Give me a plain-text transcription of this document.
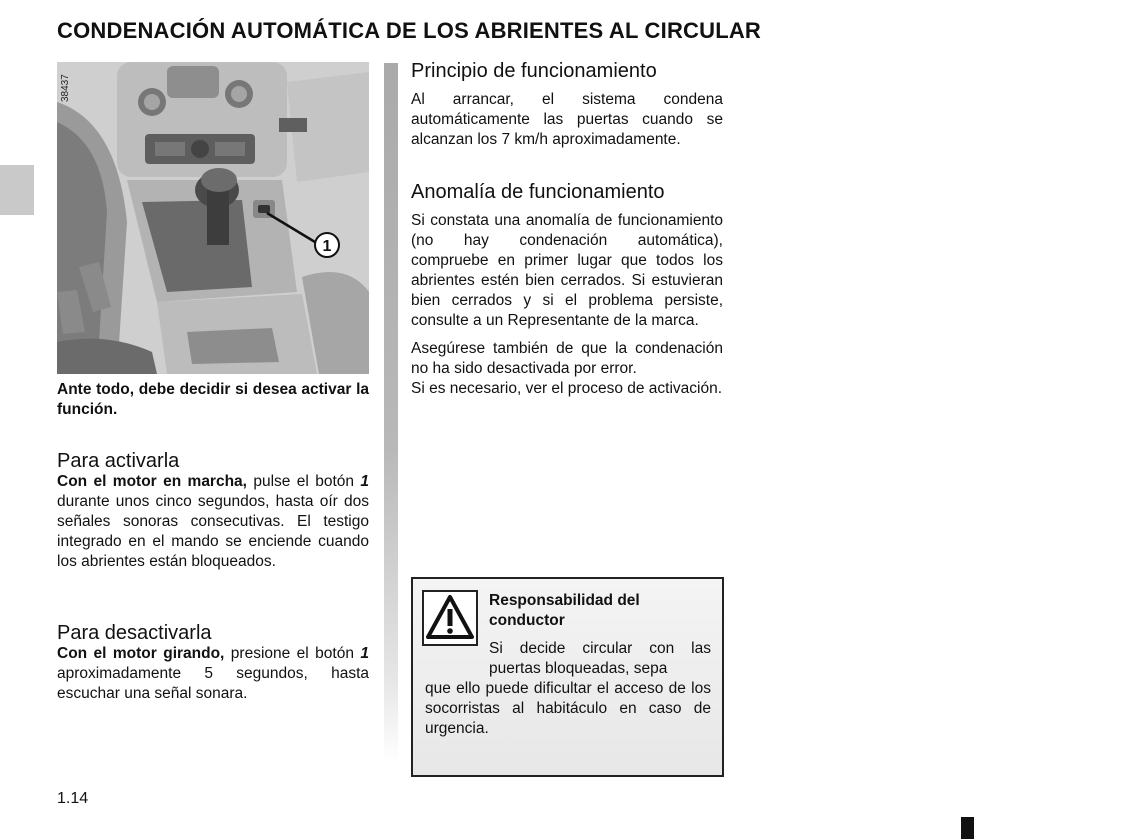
CONDENACIÓN AUTOMÁTICA DE LOS ABRIENTES AL CIRCULAR
1
38437

Ante todo, debe decidir si desea activar la función.

Para activarla

Con el motor en marcha, pulse el botón 1 durante unos cinco segundos, hasta oír dos señales sonoras consecutivas. El testigo integrado en el mando se enciende cuando los abrientes están bloqueados.

Para desactivarla

Con el motor girando, presione el botón 1 aproximadamente 5 segundos, hasta escuchar una señal sonara.

Principio de funcionamiento

Al arrancar, el sistema condena automáticamente las puertas cuando se alcanzan los 7 km/h aproximadamente.

Anomalía de funcionamiento

Si constata una anomalía de funcionamiento (no hay condenación automática), compruebe en primer lugar que todos los abrientes estén bien cerrados. Si estuvieran bien cerrados y si el problema persiste, consulte a un Representante de la marca.

Asegúrese también de que la condenación no ha sido desactivada por error.

Si es necesario, ver el proceso de activación.

Responsabilidad del conductor
Si decide circular con las puertas bloqueadas, sepa
que ello puede dificultar el acceso de los socorristas al habitáculo en caso de urgencia.
1.14
